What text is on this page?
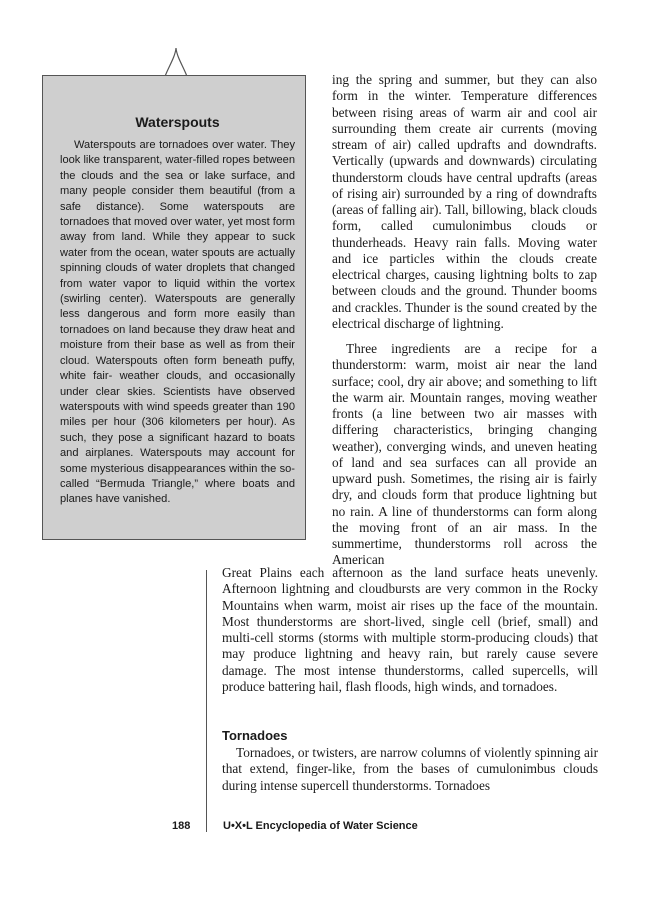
Waterspouts

Waterspouts are tornadoes over water. They look like transparent, water-filled ropes between the clouds and the sea or lake surface, and many people consider them beautiful (from a safe distance). Some waterspouts are tornadoes that moved over water, yet most form away from land. While they appear to suck water from the ocean, water spouts are actually spinning clouds of water droplets that changed from water vapor to liquid within the vortex (swirling center). Waterspouts are generally less dangerous and form more easily than tornadoes on land because they draw heat and moisture from their base as well as from their cloud. Waterspouts often form beneath puffy, white fair- weather clouds, and occasionally under clear skies. Scientists have observed waterspouts with wind speeds greater than 190 miles per hour (306 kilometers per hour). As such, they pose a significant hazard to boats and airplanes. Waterspouts may account for some mysterious disappearances within the so-called “Bermuda Triangle,” where boats and planes have vanished.

ing the spring and summer, but they can also form in the winter. Temperature differences between rising areas of warm air and cool air surrounding them create air currents (moving stream of air) called updrafts and downdrafts. Vertically (upwards and downwards) circulating thunderstorm clouds have central updrafts (areas of rising air) surrounded by a ring of downdrafts (areas of falling air). Tall, billowing, black clouds form, called cumulonimbus clouds or thunderheads. Heavy rain falls. Moving water and ice particles within the clouds create electrical charges, causing lightning bolts to zap between clouds and the ground. Thunder booms and crackles. Thunder is the sound created by the electrical discharge of lightning.

Three ingredients are a recipe for a thunderstorm: warm, moist air near the land surface; cool, dry air above; and something to lift the warm air. Mountain ranges, moving weather fronts (a line between two air masses with differing characteristics, bringing changing weather), converging winds, and uneven heating of land and sea surfaces can all provide an upward push. Sometimes, the rising air is fairly dry, and clouds form that produce lightning but no rain. A line of thunderstorms can form along the moving front of an air mass. In the summertime, thunderstorms roll across the American

Great Plains each afternoon as the land surface heats unevenly. Afternoon lightning and cloudbursts are very common in the Rocky Mountains when warm, moist air rises up the face of the mountain. Most thunderstorms are short-lived, single cell (brief, small) and multi-cell storms (storms with multiple storm-producing clouds) that may produce lightning and heavy rain, but rarely cause severe damage. The most intense thunderstorms, called supercells, will produce battering hail, flash floods, high winds, and tornadoes.

Tornadoes

Tornadoes, or twisters, are narrow columns of violently spinning air that extend, finger-like, from the bases of cumulonimbus clouds during intense supercell thunderstorms. Tornadoes

188	U•X•L Encyclopedia of Water Science
